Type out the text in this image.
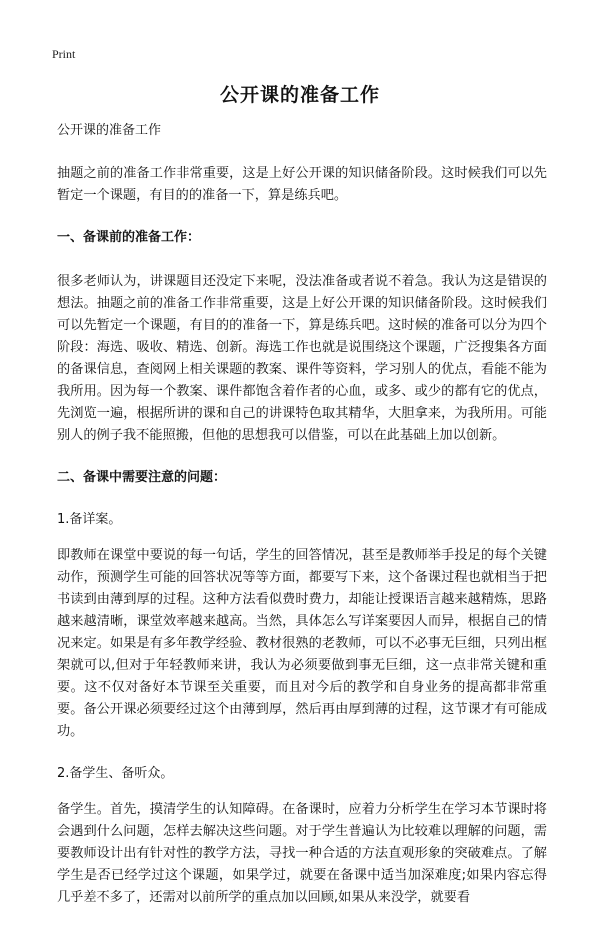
Print
公开课的准备工作
公开课的准备工作

抽题之前的准备工作非常重要，这是上好公开课的知识储备阶段。这时候我们可以先暂定一个课题，有目的的准备一下，算是练兵吧。

一、备课前的准备工作：

很多老师认为，讲课题目还没定下来呢，没法准备或者说不着急。我认为这是错误的想法。抽题之前的准备工作非常重要，这是上好公开课的知识储备阶段。这时候我们可以先暂定一个课题，有目的的准备一下，算是练兵吧。这时候的准备可以分为四个阶段：海选、吸收、精选、创新。海选工作也就是说围绕这个课题，广泛搜集各方面的备课信息，查阅网上相关课题的教案、课件等资料，学习别人的优点，看能不能为我所用。因为每一个教案、课件都饱含着作者的心血，或多、或少的都有它的优点，先浏览一遍，根据所讲的课和自己的讲课特色取其精华，大胆拿来，为我所用。可能别人的例子我不能照搬，但他的思想我可以借鉴，可以在此基础上加以创新。

二、备课中需要注意的问题：
1.备详案。

即教师在课堂中要说的每一句话，学生的回答情况，甚至是教师举手投足的每个关键动作，预测学生可能的回答状况等等方面，都要写下来，这个备课过程也就相当于把书读到由薄到厚的过程。这种方法看似费时费力，却能让授课语言越来越精炼，思路越来越清晰，课堂效率越来越高。当然，具体怎么写详案要因人而异，根据自己的情况来定。如果是有多年教学经验、教材很熟的老教师，可以不必事无巨细，只列出框架就可以,但对于年轻教师来讲，我认为必须要做到事无巨细，这一点非常关键和重要。这不仅对备好本节课至关重要，而且对今后的教学和自身业务的提高都非常重要。备公开课必须要经过这个由薄到厚，然后再由厚到薄的过程，这节课才有可能成功。

2.备学生、备听众。

备学生。首先，摸清学生的认知障碍。在备课时，应着力分析学生在学习本节课时将会遇到什么问题，怎样去解决这些问题。对于学生普遍认为比较难以理解的问题，需要教师设计出有针对性的教学方法，寻找一种合适的方法直观形象的突破难点。了解学生是否已经学过这个课题，如果学过，就要在备课中适当加深难度;如果内容忘得几乎差不多了，还需对以前所学的重点加以回顾,如果从来没学，就要看
